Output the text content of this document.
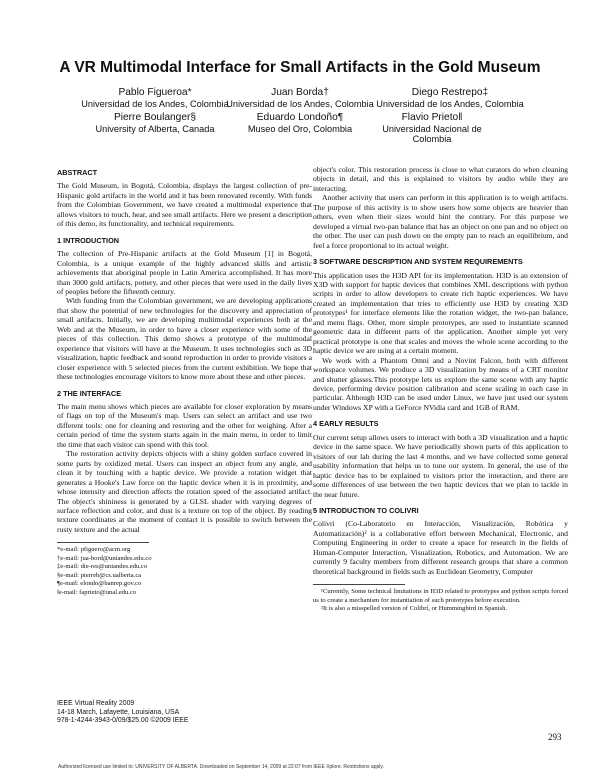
A VR Multimodal Interface for Small Artifacts in the Gold Museum
Pablo Figueroa*
Universidad de los Andes, Colombia
Juan Borda†
Universidad de los Andes, Colombia
Diego Restrepo‡
Universidad de los Andes, Colombia
Pierre Boulanger§
University of Alberta, Canada
Eduardo Londoño¶
Museo del Oro, Colombia
Flavio Prieto‖
Universidad Nacional de Colombia
ABSTRACT

The Gold Museum, in Bogotá, Colombia, displays the largest collection of pre-Hispanic gold artifacts in the world and it has been renovated recently. With funds from the Colombian Government, we have created a multimodal experience that allows visitors to touch, hear, and see small artifacts. Here we present a description of this demo, its functionality, and technical requirements.

1 INTRODUCTION

The collection of Pre-Hispanic artifacts at the Gold Museum [1] in Bogotá, Colombia, is a unique example of the highly advanced skills and artistic achievements that aboriginal people in Latin America accomplished. It has more than 3000 gold artifacts, pottery, and other pieces that were used in the daily lives of peoples before the fifteenth century.

With funding from the Colombian government, we are developing applications that show the potential of new technologies for the discovery and appreciation of small artifacts. Initially, we are developing multimodal experiences both at the Web and at the Museum, in order to have a closer experience with some of the pieces of this collection. This demo shows a prototype of the multimodal experience that visitors will have at the Museum. It uses technologies such as 3D visualization, haptic feedback and sound reproduction in order to provide visitors a closer experience with 5 selected pieces from the current exhibition. We hope that these technologies encourage visitors to know more about these and other pieces.

2 THE INTERFACE

The main menu shows which pieces are available for closer exploration by means of flags on top of the Museum's map. Users can select an artifact and use two different tools: one for cleaning and restoring and the other for weighing. After a certain period of time the system starts again in the main menu, in order to limit the time that each visitor can spend with this tool.

The restoration activity depicts objects with a shiny golden surface covered in some parts by oxidized metal. Users can inspect an object from any angle, and clean it by touching with a haptic device. We provide a rotation widget that generates a Hooke's Law force on the haptic device when it is in proximity, and whose intensity and direction affects the rotation speed of the associated artifact. The object's shininess is generated by a GLSL shader with varying degrees of surface reflection and color, and dust is a texture on top of the object. By reading texture coordinates at the moment of contact it is possible to switch between the rusty texture and the actual

*e-mail: pfiguero@acm.org

†e-mail: jua-bord@uniandes.edu.co

‡e-mail: die-res@uniandes.edu.co

§e-mail: pierreb@cs.ualberta.ca

¶e-mail: elondo@banrep.gov.co

‖e-mail: faprieto@unal.edu.co

IEEE Virtual Reality 2009
14-18 March, Lafayette, Louisiana, USA
978-1-4244-3943-0/09/$25.00 ©2009 IEEE

object's color. This restoration process is close to what curators do when cleaning objects in detail, and this is explained to visitors by audio while they are interacting.

Another activity that users can perform in this application is to weigh artifacts. The purpose of this activity is to show users how some objects are heavier than others, even when their sizes would hint the contrary. For this purpose we developed a virtual two-pan balance that has an object on one pan and no object on the other. The user can push down on the empty pan to reach an equilibrium, and feel a force proportional to its actual weight.

3 SOFTWARE DESCRIPTION AND SYSTEM REQUIREMENTS

This application uses the H3D API for its implementation. H3D is an extension of X3D with support for haptic devices that combines XML descriptions with python scripts in order to allow developers to create rich haptic experiences. We have created an implementation that tries to efficiently use H3D by creating X3D prototypes¹ for interface elements like the rotation widget, the two-pan balance, and menu flags. Other, more simple prototypes, are used to instantiate scanned geometric data in different parts of the application. Another simple yet very practical prototype is one that scales and moves the whole scene according to the haptic device we are using at a certain moment.

We work with a Phantom Omni and a Novint Falcon, both with different workspace volumes. We produce a 3D visualization by means of a CRT monitor and shutter glasses.This prototype lets us explore the same scene with any haptic device, performing device position calibration and scene scaling in each case in particular. Although H3D can be used under Linux, we have just used our system under Windows XP with a GeForce NVidia card and 1GB of RAM.

4 EARLY RESULTS

Our current setup allows users to interact with both a 3D visualization and a haptic device in the same space. We have periodically shown parts of this application to visitors of our lab during the last 4 months, and we have collected some general usability information that helps us to tune our system. In general, the use of the haptic device has to be explained to visitors prior the interaction, and there are some differences of use between the two haptic devices that we plan to tackle in the near future.

5 INTRODUCTION TO COLIVRI

Colivri (Co-Laboratorio en Interacción, Visualización, Robótica y Automatización)² is a collaborative effort between Mechanical, Electronic, and Computing Engineering in order to create a space for research in the fields of Human-Computer Interaction, Visualization, Robotics, and Automation. We are currently 9 faculty members from different research groups that share a common theoretical background in fields such as Euclidean Geometry, Computer

¹Currently, Some technical limitations in H3D related to prototypes and python scripts forced us to create a mechanism for instantiation of such prototypes before execution.

²It is also a misspelled version of Colibrí, or Hummingbird in Spanish.

293
Authorized licensed use limited to: UNIVERSITY OF ALBERTA. Downloaded on September 14, 2009 at 22:07 from IEEE Xplore. Restrictions apply.
